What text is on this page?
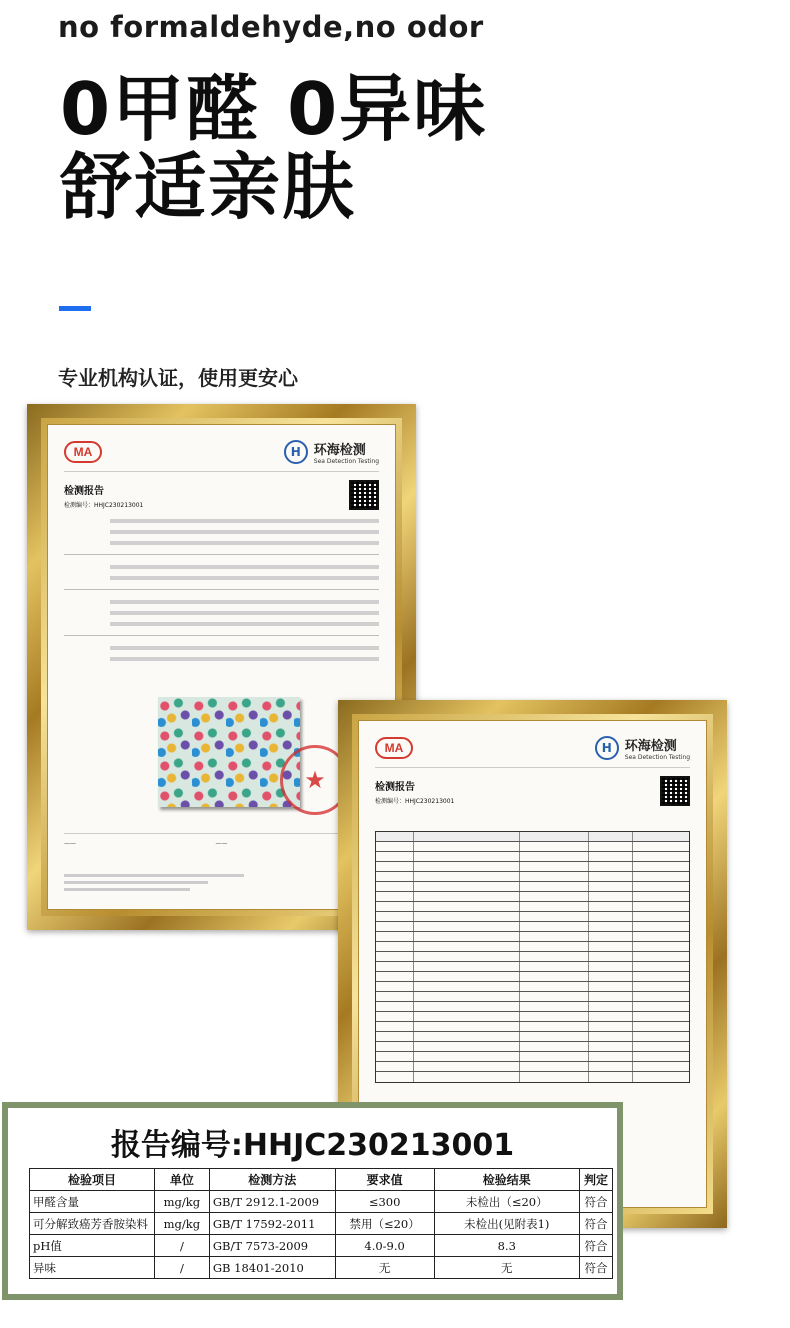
no formaldehyde,no odor
0甲醛 0异味
舒适亲肤
专业机构认证，使用更安心
MA	H 环海检测
Sea Detection Testing
检测报告
检测编号：HHJC230213001
★
——	——
MA	H 环海检测
Sea Detection Testing
检测报告
检测编号：HHJC230213001

报告编号:HHJC230213001
检验项目	单位	检测方法	要求值	检验结果	判定
甲醛含量	mg/kg	GB/T 2912.1-2009	≤300	未检出（≤20）	符合
可分解致癌芳香胺染料	mg/kg	GB/T 17592-2011	禁用（≤20）	未检出(见附表1)	符合
pH值	/	GB/T 7573-2009	4.0-9.0	8.3	符合
异味	/	GB 18401-2010	无	无	符合
